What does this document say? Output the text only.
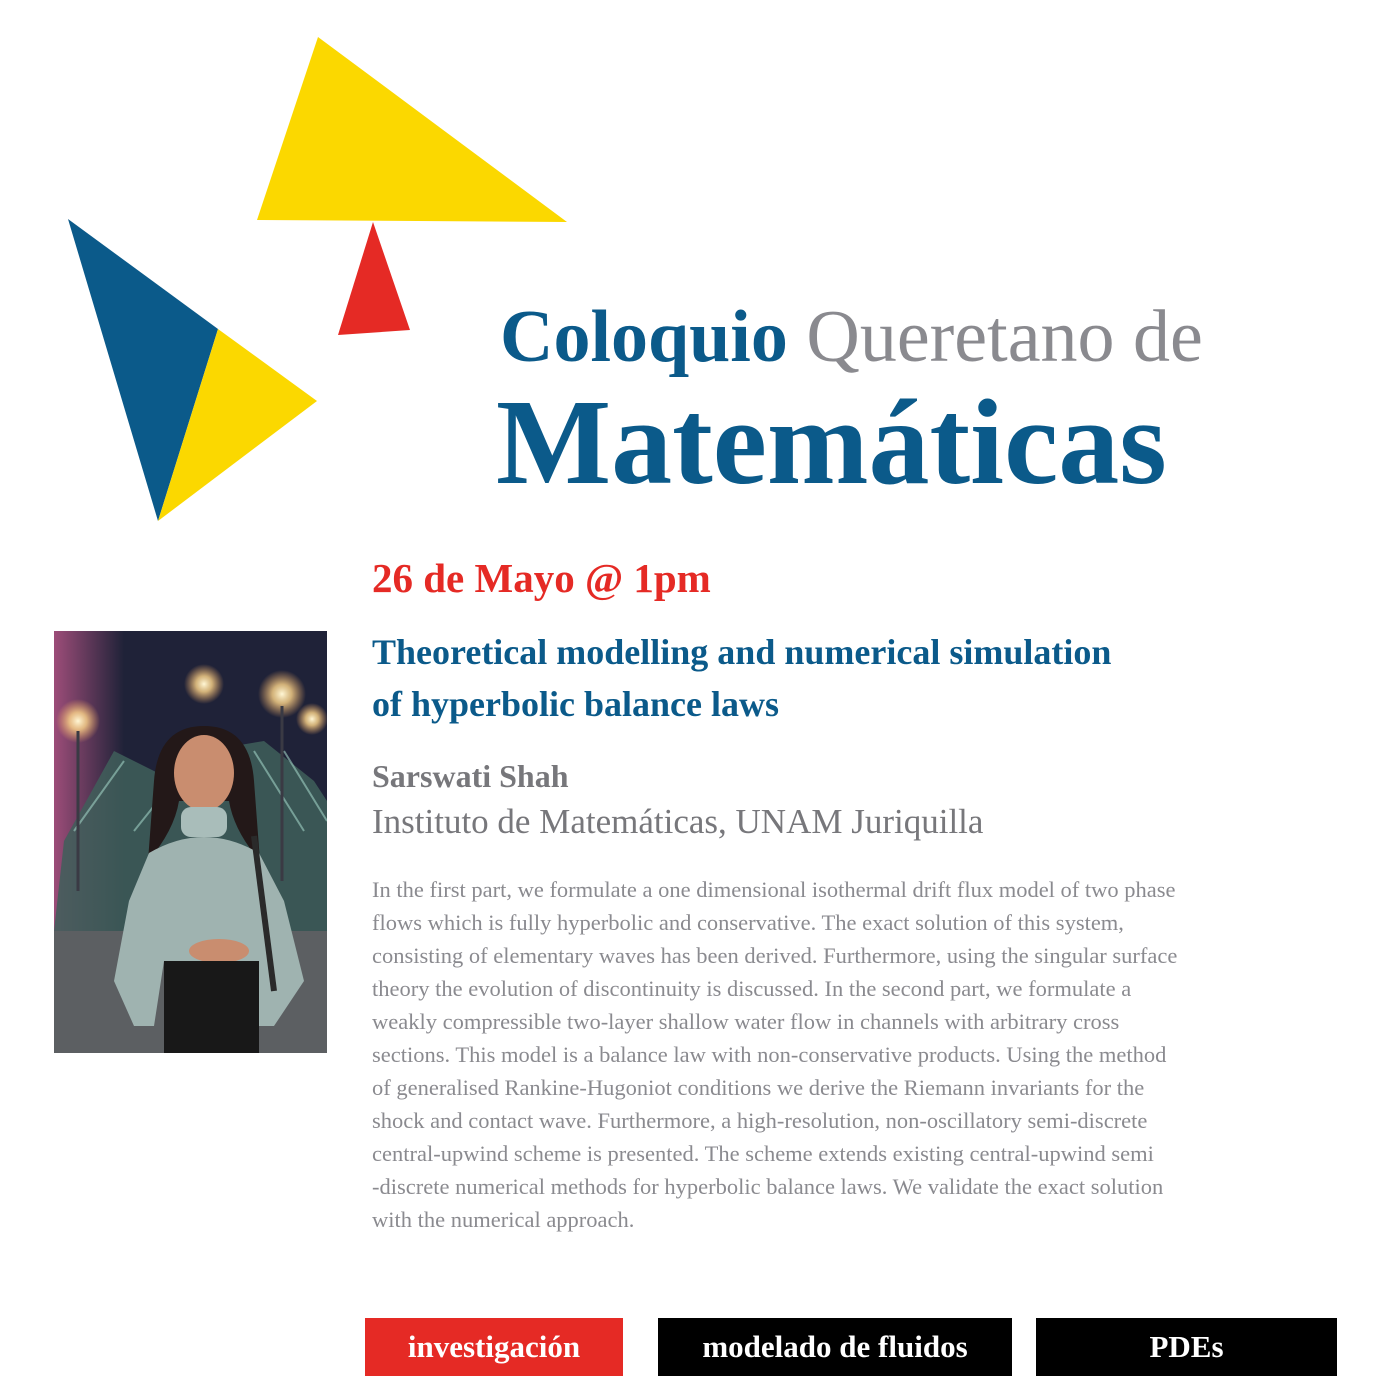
Coloquio Queretano de
Matemáticas
26 de Mayo @ 1pm
Theoretical modelling and numerical simulation
of hyperbolic balance laws
Sarswati Shah
Instituto de Matemáticas, UNAM Juriquilla
In the first part, we formulate a one dimensional isothermal drift flux model of two phase
flows which is fully hyperbolic and conservative. The exact solution of this system,
consisting of elementary waves has been derived. Furthermore, using the singular surface
theory the evolution of discontinuity is discussed. In the second part, we formulate a
weakly compressible two-layer shallow water flow in channels with arbitrary cross
sections. This model is a balance law with non-conservative products. Using the method
of generalised Rankine-Hugoniot conditions we derive the Riemann invariants for the
shock and contact wave. Furthermore, a high-resolution, non-oscillatory semi-discrete
central-upwind scheme is presented. The scheme extends existing central-upwind semi
-discrete numerical methods for hyperbolic balance laws. We validate the exact solution
with the numerical approach.
investigación	modelado de fluidos	PDEs
